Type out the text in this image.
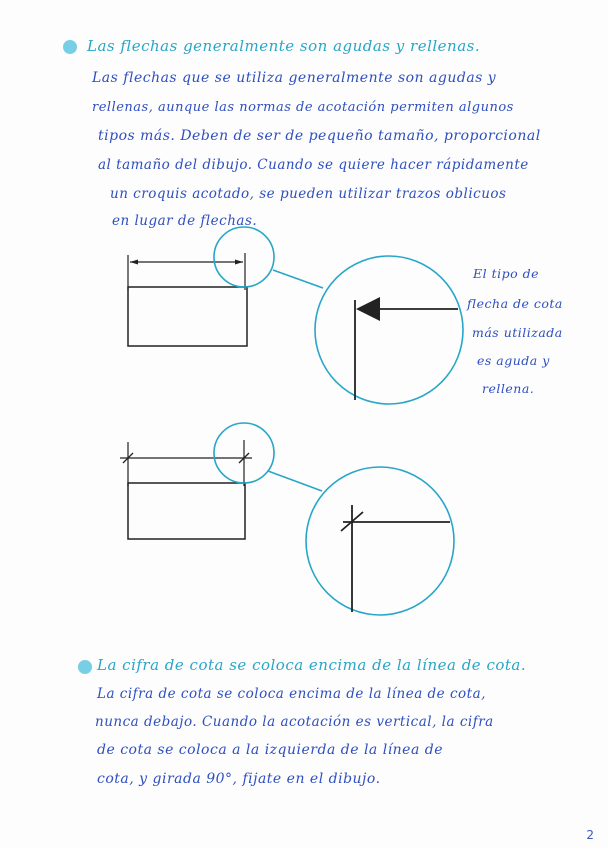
Las flechas generalmente son agudas y rellenas.

Las flechas que se utiliza generalmente son agudas y

rellenas, aunque las normas de acotación permiten algunos

tipos más. Deben de ser de pequeño tamaño, proporcional

al tamaño del dibujo. Cuando se quiere hacer rápidamente

un croquis acotado, se pueden utilizar trazos oblicuos

en lugar de flechas.

El tipo de

flecha de cota

más utilizada

es aguda y

rellena.

La cifra de cota se coloca encima de la línea de cota.

La cifra de cota se coloca encima de la línea de cota,

nunca debajo. Cuando la acotación es vertical, la cifra

de cota se coloca a la izquierda de la línea de

cota, y girada 90°, fijate en el dibujo.

2
